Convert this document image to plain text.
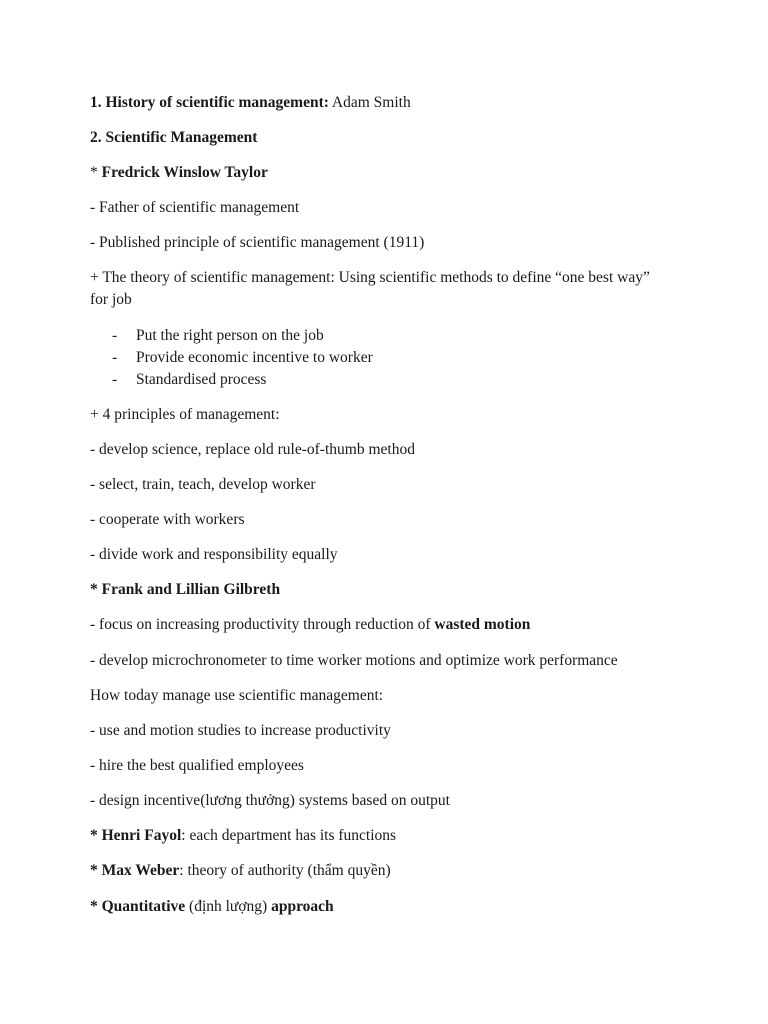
1. History of scientific management: Adam Smith
2. Scientific Management
* Fredrick Winslow Taylor
- Father of scientific management
- Published principle of scientific management (1911)
+ The theory of scientific management: Using scientific methods to define “one best way” for job
- Put the right person on the job
- Provide economic incentive to worker
- Standardised process
+ 4 principles of management:
- develop science, replace old rule-of-thumb method
- select, train, teach, develop worker
- cooperate with workers
- divide work and responsibility equally
* Frank and Lillian Gilbreth
- focus on increasing productivity through reduction of wasted motion
- develop microchronometer to time worker motions and optimize work performance
How today manage use scientific management:
- use and motion studies to increase productivity
- hire the best qualified employees
- design incentive(lương thưởng) systems based on output
* Henri Fayol: each department has its functions
* Max Weber: theory of authority (thẩm quyền)
* Quantitative (định lượng) approach
